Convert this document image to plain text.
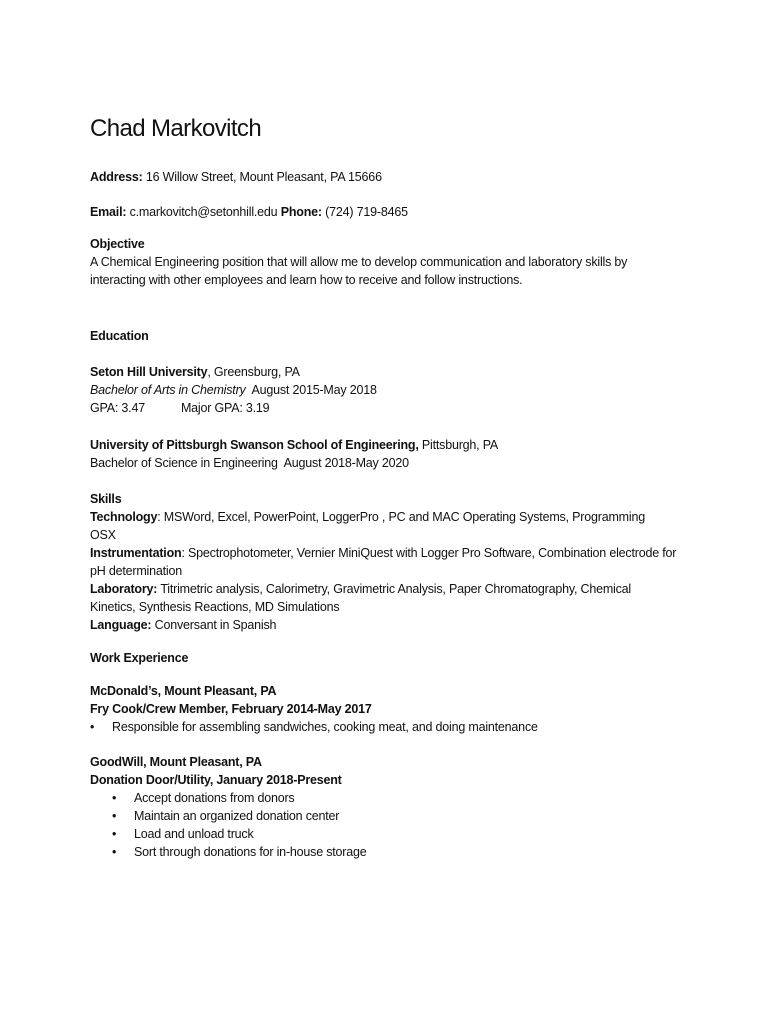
Chad Markovitch
Address: 16 Willow Street, Mount Pleasant, PA 15666
Email: c.markovitch@setonhill.edu Phone: (724) 719-8465
Objective
A Chemical Engineering position that will allow me to develop communication and laboratory skills by interacting with other employees and learn how to receive and follow instructions.
Education
Seton Hill University, Greensburg, PA
Bachelor of Arts in Chemistry  August 2015-May 2018
GPA: 3.47	Major GPA: 3.19
University of Pittsburgh Swanson School of Engineering, Pittsburgh, PA
Bachelor of Science in Engineering  August 2018-May 2020
Skills
Technology: MSWord, Excel, PowerPoint, LoggerPro , PC and MAC Operating Systems, Programming OSX
Instrumentation: Spectrophotometer, Vernier MiniQuest with Logger Pro Software, Combination electrode for pH determination
Laboratory: Titrimetric analysis, Calorimetry, Gravimetric Analysis, Paper Chromatography, Chemical Kinetics, Synthesis Reactions, MD Simulations
Language: Conversant in Spanish
Work Experience
McDonald’s, Mount Pleasant, PA
Fry Cook/Crew Member, February 2014-May 2017
• Responsible for assembling sandwiches, cooking meat, and doing maintenance
GoodWill, Mount Pleasant, PA
Donation Door/Utility, January 2018-Present
• Accept donations from donors
• Maintain an organized donation center
• Load and unload truck
• Sort through donations for in-house storage
